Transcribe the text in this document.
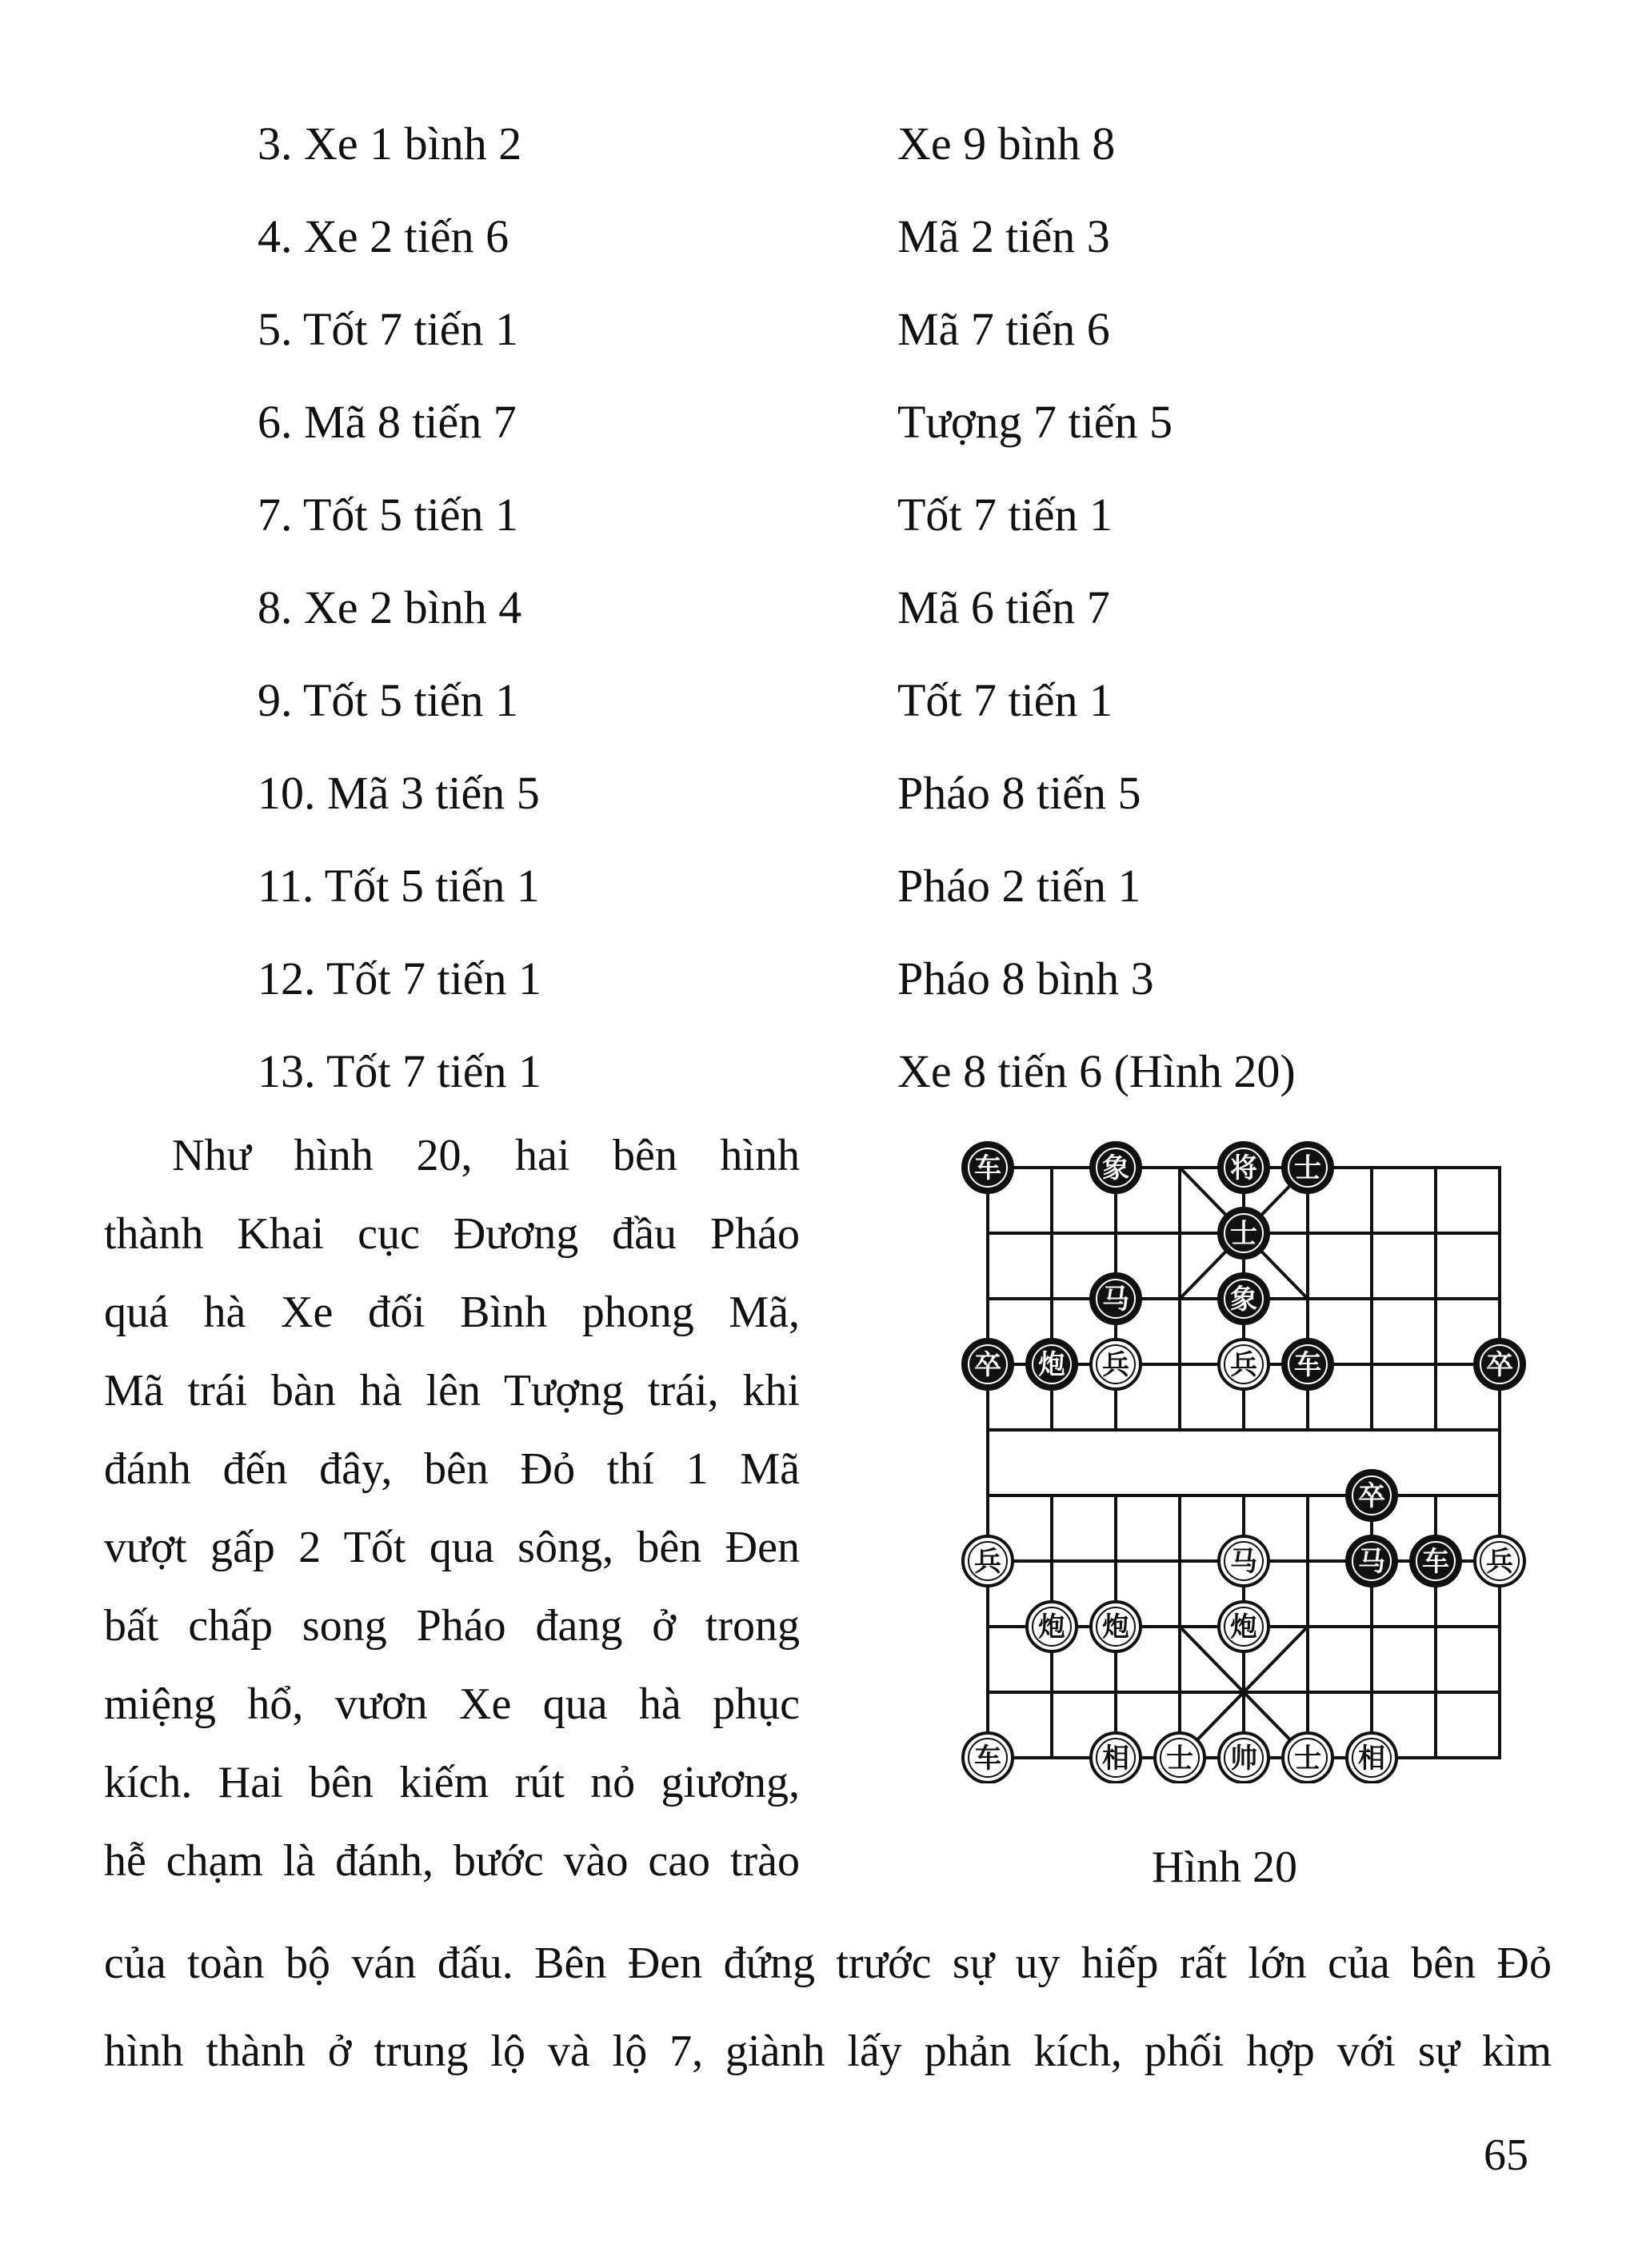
3. Xe 1 bình 2	Xe 9 bình 8
4. Xe 2 tiến 6	Mã 2 tiến 3
5. Tốt 7 tiến 1	Mã 7 tiến 6
6. Mã 8 tiến 7	Tượng 7 tiến 5
7. Tốt 5 tiến 1	Tốt 7 tiến 1
8. Xe 2 bình 4	Mã 6 tiến 7
9. Tốt 5 tiến 1	Tốt 7 tiến 1
10. Mã 3 tiến 5	Pháo 8 tiến 5
11. Tốt 5 tiến 1	Pháo 2 tiến 1
12. Tốt 7 tiến 1	Pháo 8 bình 3
13. Tốt 7 tiến 1	Xe 8 tiến 6 (Hình 20)
Như hình 20, hai bên hình
thành Khai cục Đương đầu Pháo
quá hà Xe đối Bình phong Mã,
Mã trái bàn hà lên Tượng trái, khi
đánh đến đây, bên Đỏ thí 1 Mã
vượt gấp 2 Tốt qua sông, bên Đen
bất chấp song Pháo đang ở trong
miệng hổ, vươn Xe qua hà phục
kích. Hai bên kiếm rút nỏ giương,
hễ chạm là đánh, bước vào cao trào
của toàn bộ ván đấu. Bên Đen đứng trước sự uy hiếp rất lớn của bên Đỏ
hình thành ở trung lộ và lộ 7, giành lấy phản kích, phối hợp với sự kìm
车	象	将 士
士
马	象
卒 炮 兵	兵 车	卒
卒
兵	马	马 车 兵
炮 炮	炮
车	相 士 帅 士 相
Hình 20
65
